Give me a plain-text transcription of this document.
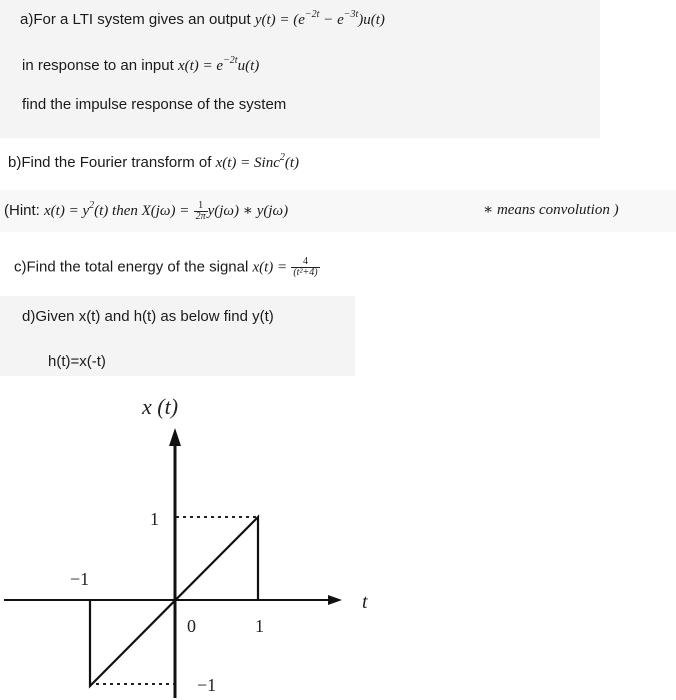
a)For a LTI system gives an output $y(t) = (e^{-2t} - e^{-3t})u(t)$
in response to an input $x(t) = e^{-2t}u(t)$
find the impulse response of the system
b)Find the Fourier transform of x(t) = Sinc$^2$(t)
(Hint: $x(t) = y^2(t)$ then $X(j\omega) = \frac{1}{2\pi} y(j\omega)$ ∗ y(jω)	∗ means convolution )
c)Find the total energy of the signal $x(t) = \frac{4}{\text{(t²+4)}}$
d)Given x(t) and h(t) as below find y(t)
h(t)=x(-t)
x (t)
1
−1
0	1
−1
t
